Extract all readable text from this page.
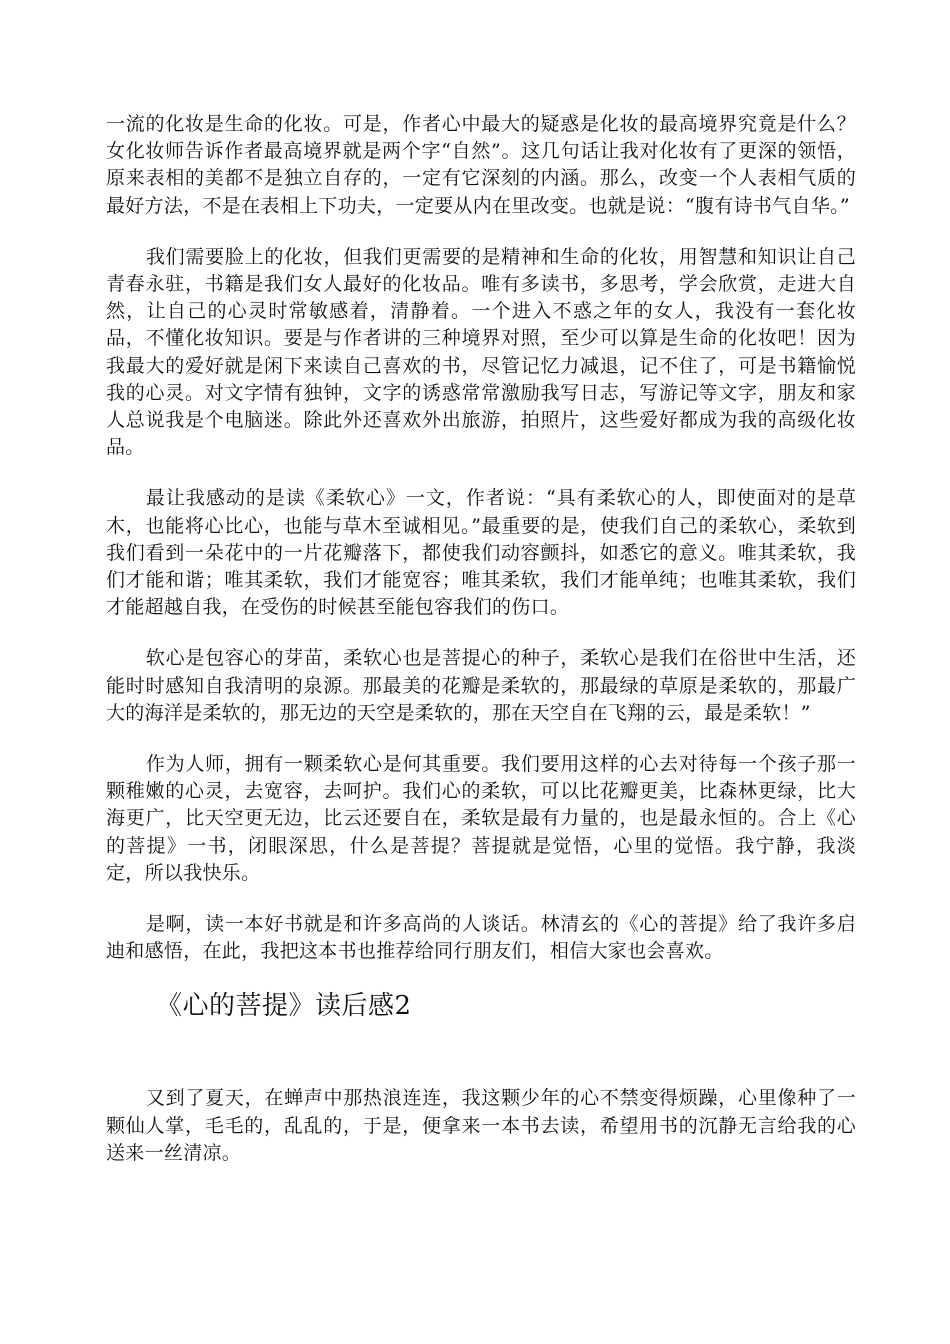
一流的化妆是生命的化妆。可是，作者心中最大的疑惑是化妆的最高境界究竟是什么？女化妆师告诉作者最高境界就是两个字“自然”。这几句话让我对化妆有了更深的领悟，原来表相的美都不是独立自存的，一定有它深刻的内涵。那么，改变一个人表相气质的最好方法，不是在表相上下功夫，一定要从内在里改变。也就是说：“腹有诗书气自华。”

我们需要脸上的化妆，但我们更需要的是精神和生命的化妆，用智慧和知识让自己青春永驻，书籍是我们女人最好的化妆品。唯有多读书，多思考，学会欣赏，走进大自然，让自己的心灵时常敏感着，清静着。一个进入不惑之年的女人，我没有一套化妆品，不懂化妆知识。要是与作者讲的三种境界对照，至少可以算是生命的化妆吧！因为我最大的爱好就是闲下来读自己喜欢的书，尽管记忆力减退，记不住了，可是书籍愉悦我的心灵。对文字情有独钟，文字的诱惑常常激励我写日志，写游记等文字，朋友和家人总说我是个电脑迷。除此外还喜欢外出旅游，拍照片，这些爱好都成为我的高级化妆品。

最让我感动的是读《柔软心》一文，作者说：“具有柔软心的人，即使面对的是草木，也能将心比心，也能与草木至诚相见。”最重要的是，使我们自己的柔软心，柔软到我们看到一朵花中的一片花瓣落下，都使我们动容颤抖，如悉它的意义。唯其柔软，我们才能和谐；唯其柔软，我们才能宽容；唯其柔软，我们才能单纯；也唯其柔软，我们才能超越自我，在受伤的时候甚至能包容我们的伤口。

软心是包容心的芽苗，柔软心也是菩提心的种子，柔软心是我们在俗世中生活，还能时时感知自我清明的泉源。那最美的花瓣是柔软的，那最绿的草原是柔软的，那最广大的海洋是柔软的，那无边的天空是柔软的，那在天空自在飞翔的云，最是柔软！”

作为人师，拥有一颗柔软心是何其重要。我们要用这样的心去对待每一个孩子那一颗稚嫩的心灵，去宽容，去呵护。我们心的柔软，可以比花瓣更美，比森林更绿，比大海更广，比天空更无边，比云还要自在，柔软是最有力量的，也是最永恒的。合上《心的菩提》一书，闭眼深思，什么是菩提？菩提就是觉悟，心里的觉悟。我宁静，我淡定，所以我快乐。

是啊，读一本好书就是和许多高尚的人谈话。林清玄的《心的菩提》给了我许多启迪和感悟，在此，我把这本书也推荐给同行朋友们，相信大家也会喜欢。

《心的菩提》读后感2

又到了夏天，在蝉声中那热浪连连，我这颗少年的心不禁变得烦躁，心里像种了一颗仙人掌，毛毛的，乱乱的，于是，便拿来一本书去读，希望用书的沉静无言给我的心送来一丝清凉。
